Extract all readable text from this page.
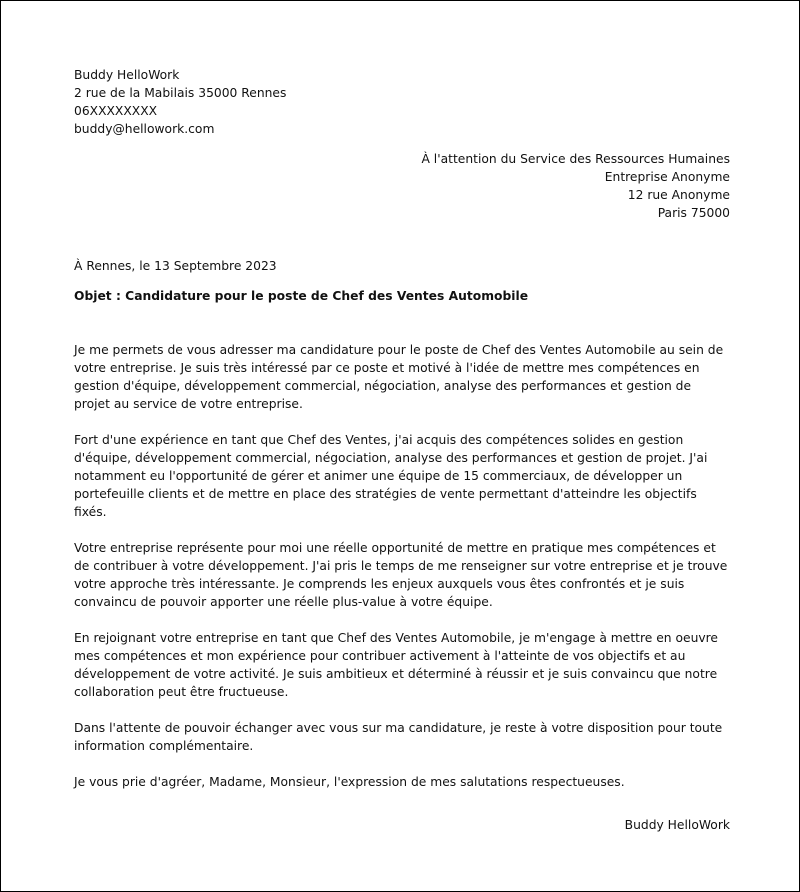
Buddy HelloWork
2 rue de la Mabilais 35000 Rennes
06XXXXXXXX
buddy@hellowork.com
À l'attention du Service des Ressources Humaines
Entreprise Anonyme
12 rue Anonyme
Paris 75000
À Rennes, le 13 Septembre 2023
Objet : Candidature pour le poste de Chef des Ventes Automobile

Je me permets de vous adresser ma candidature pour le poste de Chef des Ventes Automobile au sein de votre entreprise. Je suis très intéressé par ce poste et motivé à l'idée de mettre mes compétences en gestion d'équipe, développement commercial, négociation, analyse des performances et gestion de projet au service de votre entreprise.

Fort d'une expérience en tant que Chef des Ventes, j'ai acquis des compétences solides en gestion d'équipe, développement commercial, négociation, analyse des performances et gestion de projet. J'ai notamment eu l'opportunité de gérer et animer une équipe de 15 commerciaux, de développer un portefeuille clients et de mettre en place des stratégies de vente permettant d'atteindre les objectifs fixés.

Votre entreprise représente pour moi une réelle opportunité de mettre en pratique mes compétences et de contribuer à votre développement. J'ai pris le temps de me renseigner sur votre entreprise et je trouve votre approche très intéressante. Je comprends les enjeux auxquels vous êtes confrontés et je suis convaincu de pouvoir apporter une réelle plus-value à votre équipe.

En rejoignant votre entreprise en tant que Chef des Ventes Automobile, je m'engage à mettre en oeuvre mes compétences et mon expérience pour contribuer activement à l'atteinte de vos objectifs et au développement de votre activité. Je suis ambitieux et déterminé à réussir et je suis convaincu que notre collaboration peut être fructueuse.

Dans l'attente de pouvoir échanger avec vous sur ma candidature, je reste à votre disposition pour toute information complémentaire.

Je vous prie d'agréer, Madame, Monsieur, l'expression de mes salutations respectueuses.

Buddy HelloWork
